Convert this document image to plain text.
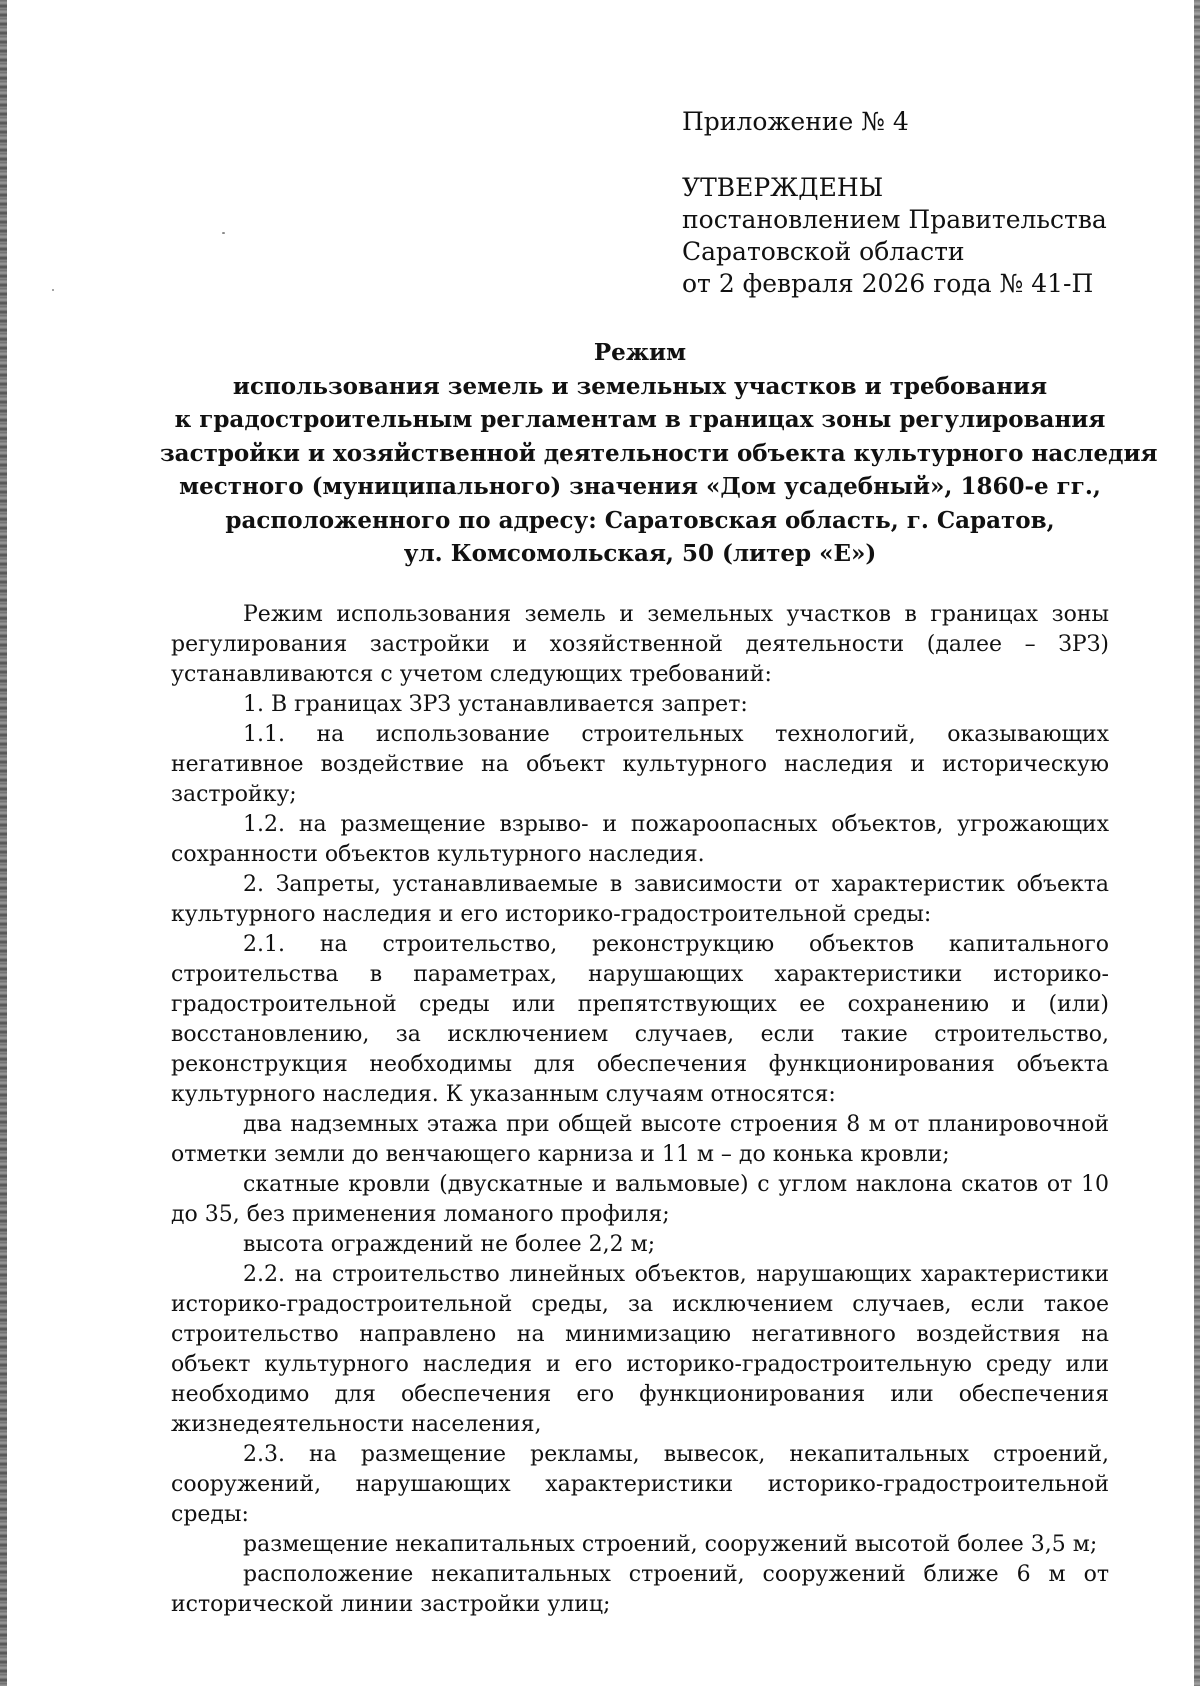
Приложение № 4
УТВЕРЖДЕНЫ
постановлением Правительства
Саратовской области
от 2 февраля 2026 года № 41-П
Режим
использования земель и земельных участков и требования
к градостроительным регламентам в границах зоны регулирования
застройки и хозяйственной деятельности объекта культурного наследия
местного (муниципального) значения «Дом усадебный», 1860-е гг.,
расположенного по адресу: Саратовская область, г. Саратов,
ул. Комсомольская, 50 (литер «Е»)

Режим использования земель и земельных участков в границах зоны регулирования застройки и хозяйственной деятельности (далее – ЗРЗ) устанавливаются с учетом следующих требований:

1. В границах ЗРЗ устанавливается запрет:

1.1. на использование строительных технологий, оказывающих негативное воздействие на объект культурного наследия и историческую застройку;

1.2. на размещение взрыво- и пожароопасных объектов, угрожающих сохранности объектов культурного наследия.

2. Запреты, устанавливаемые в зависимости от характеристик объекта культурного наследия и его историко-градостроительной среды:

2.1. на строительство, реконструкцию объектов капитального строительства в параметрах, нарушающих характеристики историко-градостроительной среды или препятствующих ее сохранению и (или) восстановлению, за исключением случаев, если такие строительство, реконструкция необходимы для обеспечения функционирования объекта культурного наследия. К указанным случаям относятся:

два надземных этажа при общей высоте строения 8 м от планировочной отметки земли до венчающего карниза и 11 м – до конька кровли;

скатные кровли (двускатные и вальмовые) с углом наклона скатов от 10 до 35, без применения ломаного профиля;

высота ограждений не более 2,2 м;

2.2. на строительство линейных объектов, нарушающих характеристики историко-градостроительной среды, за исключением случаев, если такое строительство направлено на минимизацию негативного воздействия на объект культурного наследия и его историко-градостроительную среду или необходимо для обеспечения его функционирования или обеспечения жизнедеятельности населения,

2.3. на размещение рекламы, вывесок, некапитальных строений, сооружений, нарушающих характеристики историко-градостроительной среды:

размещение некапитальных строений, сооружений высотой более 3,5 м;

расположение некапитальных строений, сооружений ближе 6 м от исторической линии застройки улиц;
